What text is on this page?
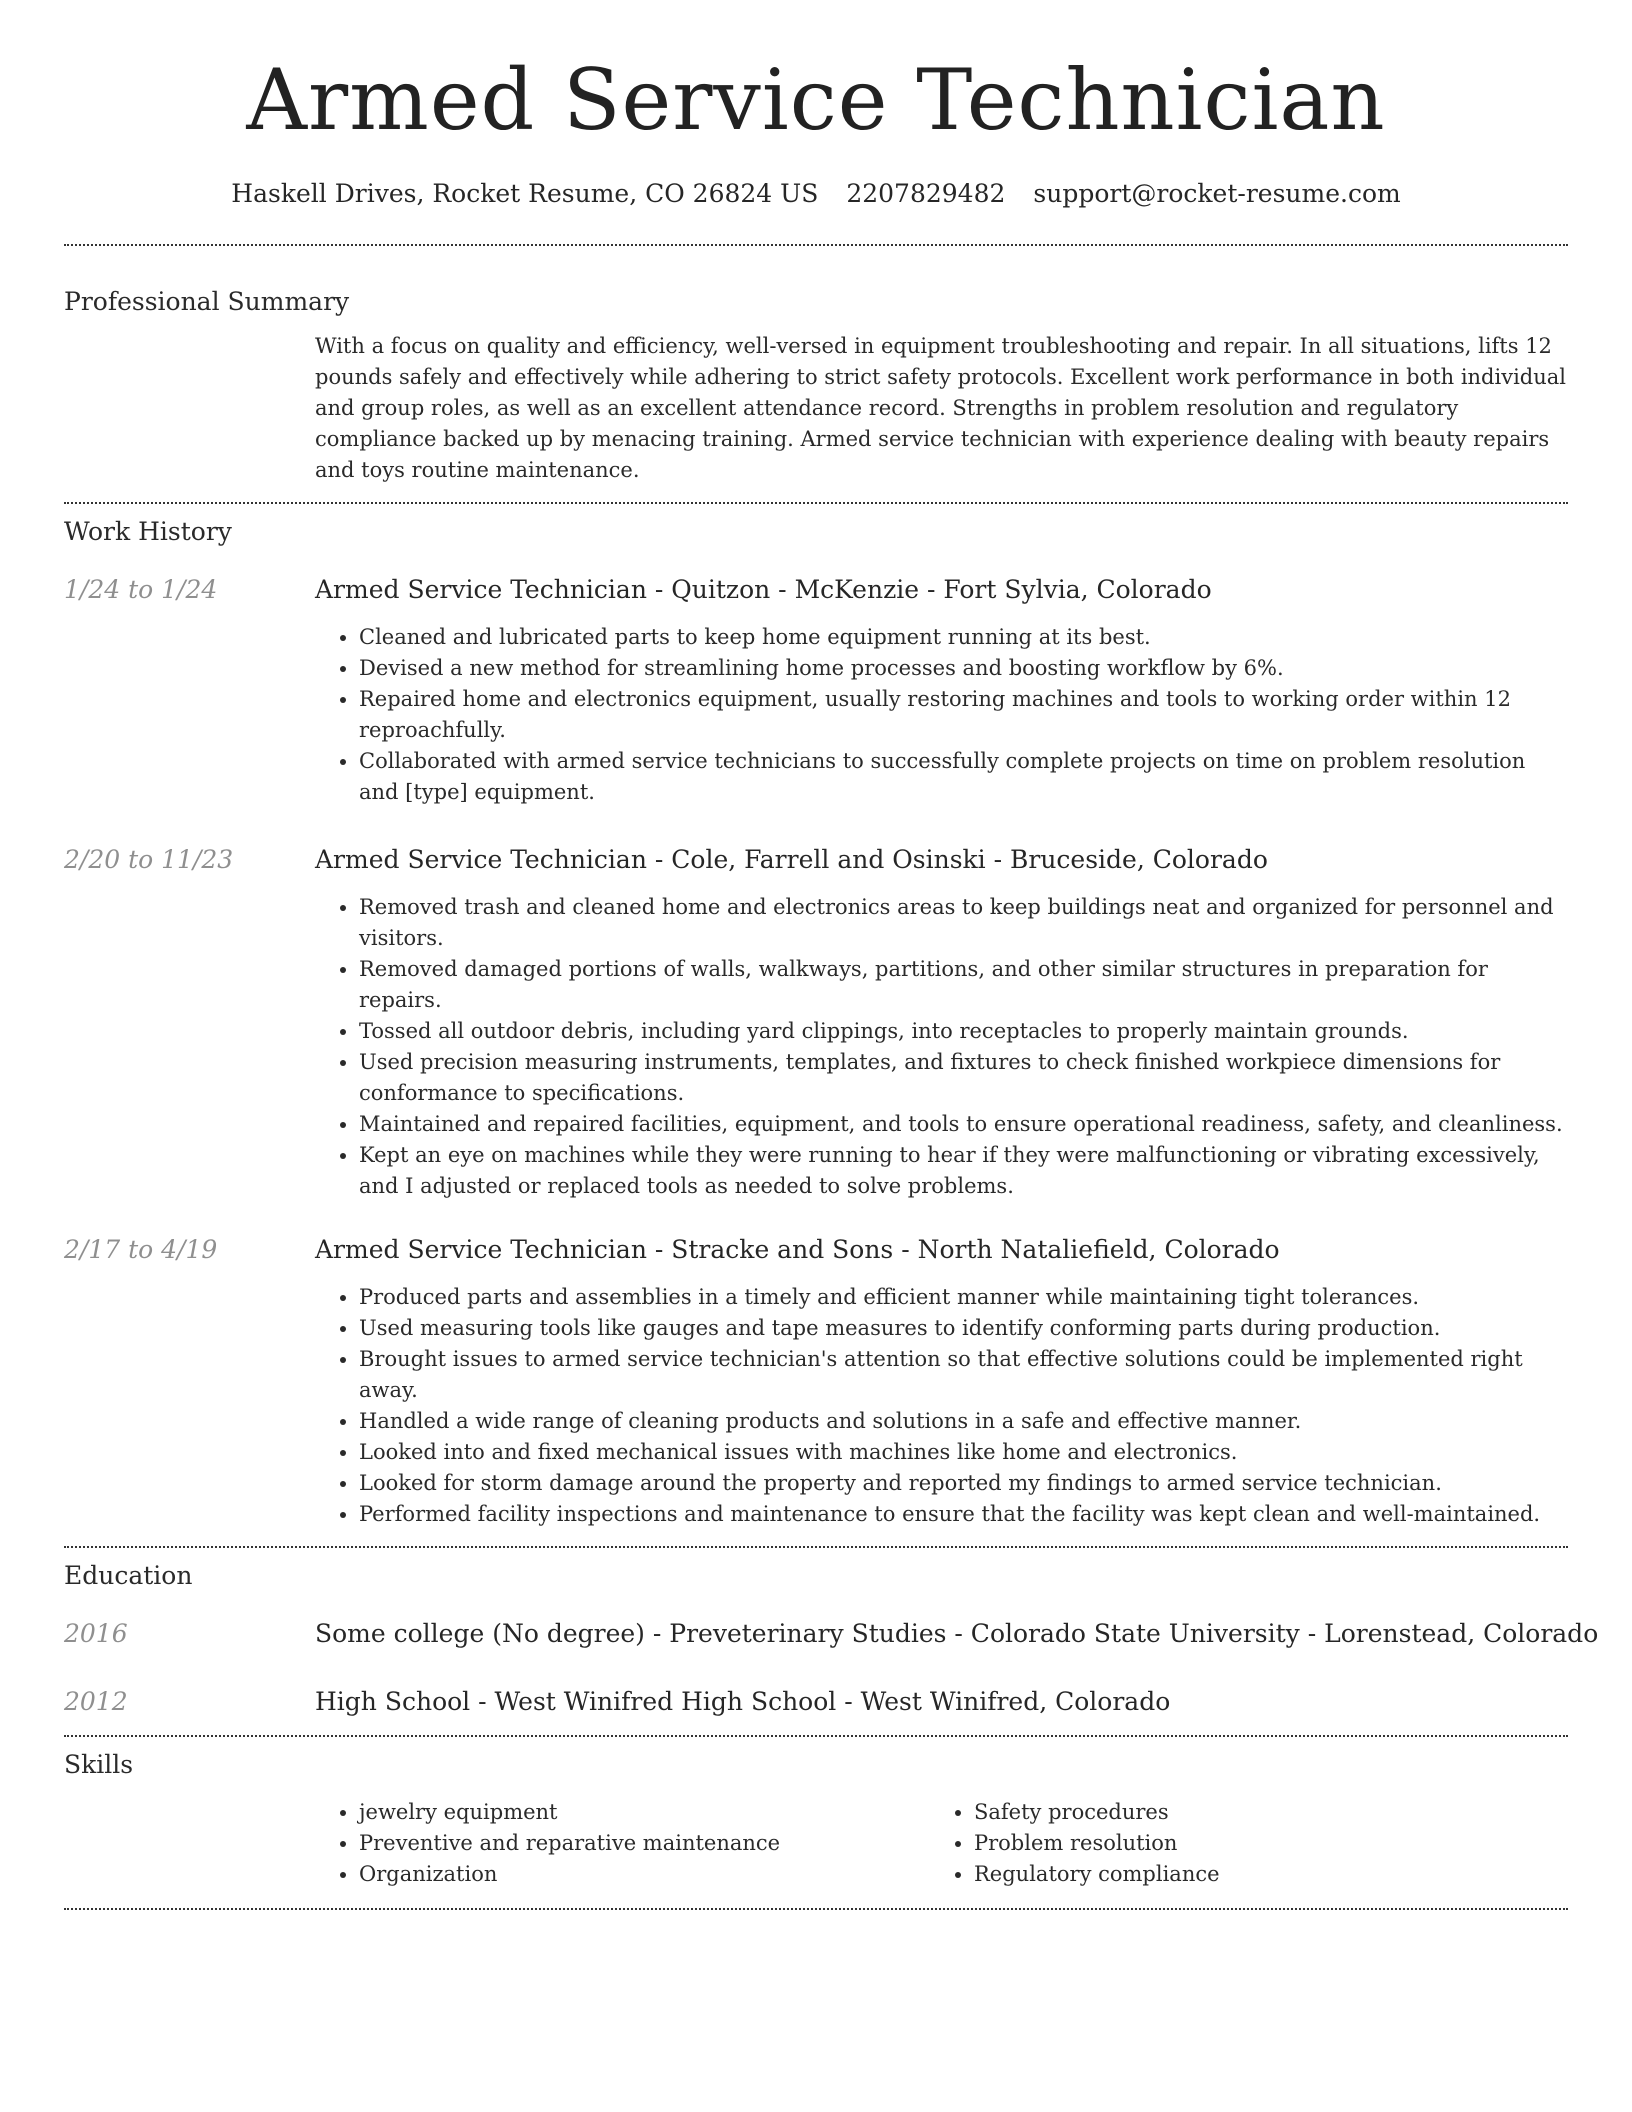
Armed Service Technician
Haskell Drives, Rocket Resume, CO 26824 US 2207829482 support@rocket-resume.com
Professional Summary
With a focus on quality and efficiency, well-versed in equipment troubleshooting and repair. In all situations, lifts 12 pounds safely and effectively while adhering to strict safety protocols. Excellent work performance in both individual and group roles, as well as an excellent attendance record. Strengths in problem resolution and regulatory compliance backed up by menacing training. Armed service technician with experience dealing with beauty repairs and toys routine maintenance.
Work History
1/24 to 1/24	Armed Service Technician - Quitzon - McKenzie - Fort Sylvia, Colorado
• Cleaned and lubricated parts to keep home equipment running at its best.
• Devised a new method for streamlining home processes and boosting workflow by 6%.
• Repaired home and electronics equipment, usually restoring machines and tools to working order within 12 reproachfully.
• Collaborated with armed service technicians to successfully complete projects on time on problem resolution and [type] equipment.
2/20 to 11/23	Armed Service Technician - Cole, Farrell and Osinski - Bruceside, Colorado
• Removed trash and cleaned home and electronics areas to keep buildings neat and organized for personnel and visitors.
• Removed damaged portions of walls, walkways, partitions, and other similar structures in preparation for repairs.
• Tossed all outdoor debris, including yard clippings, into receptacles to properly maintain grounds.
• Used precision measuring instruments, templates, and fixtures to check finished workpiece dimensions for conformance to specifications.
• Maintained and repaired facilities, equipment, and tools to ensure operational readiness, safety, and cleanliness.
• Kept an eye on machines while they were running to hear if they were malfunctioning or vibrating excessively, and I adjusted or replaced tools as needed to solve problems.
2/17 to 4/19	Armed Service Technician - Stracke and Sons - North Nataliefield, Colorado
• Produced parts and assemblies in a timely and efficient manner while maintaining tight tolerances.
• Used measuring tools like gauges and tape measures to identify conforming parts during production.
• Brought issues to armed service technician's attention so that effective solutions could be implemented right away.
• Handled a wide range of cleaning products and solutions in a safe and effective manner.
• Looked into and fixed mechanical issues with machines like home and electronics.
• Looked for storm damage around the property and reported my findings to armed service technician.
• Performed facility inspections and maintenance to ensure that the facility was kept clean and well-maintained.
Education
2016	Some college (No degree) - Preveterinary Studies - Colorado State University - Lorenstead, Colorado
2012	High School - West Winifred High School - West Winifred, Colorado
Skills
• jewelry equipment
• Preventive and reparative maintenance
• Organization
• Safety procedures
• Problem resolution
• Regulatory compliance
